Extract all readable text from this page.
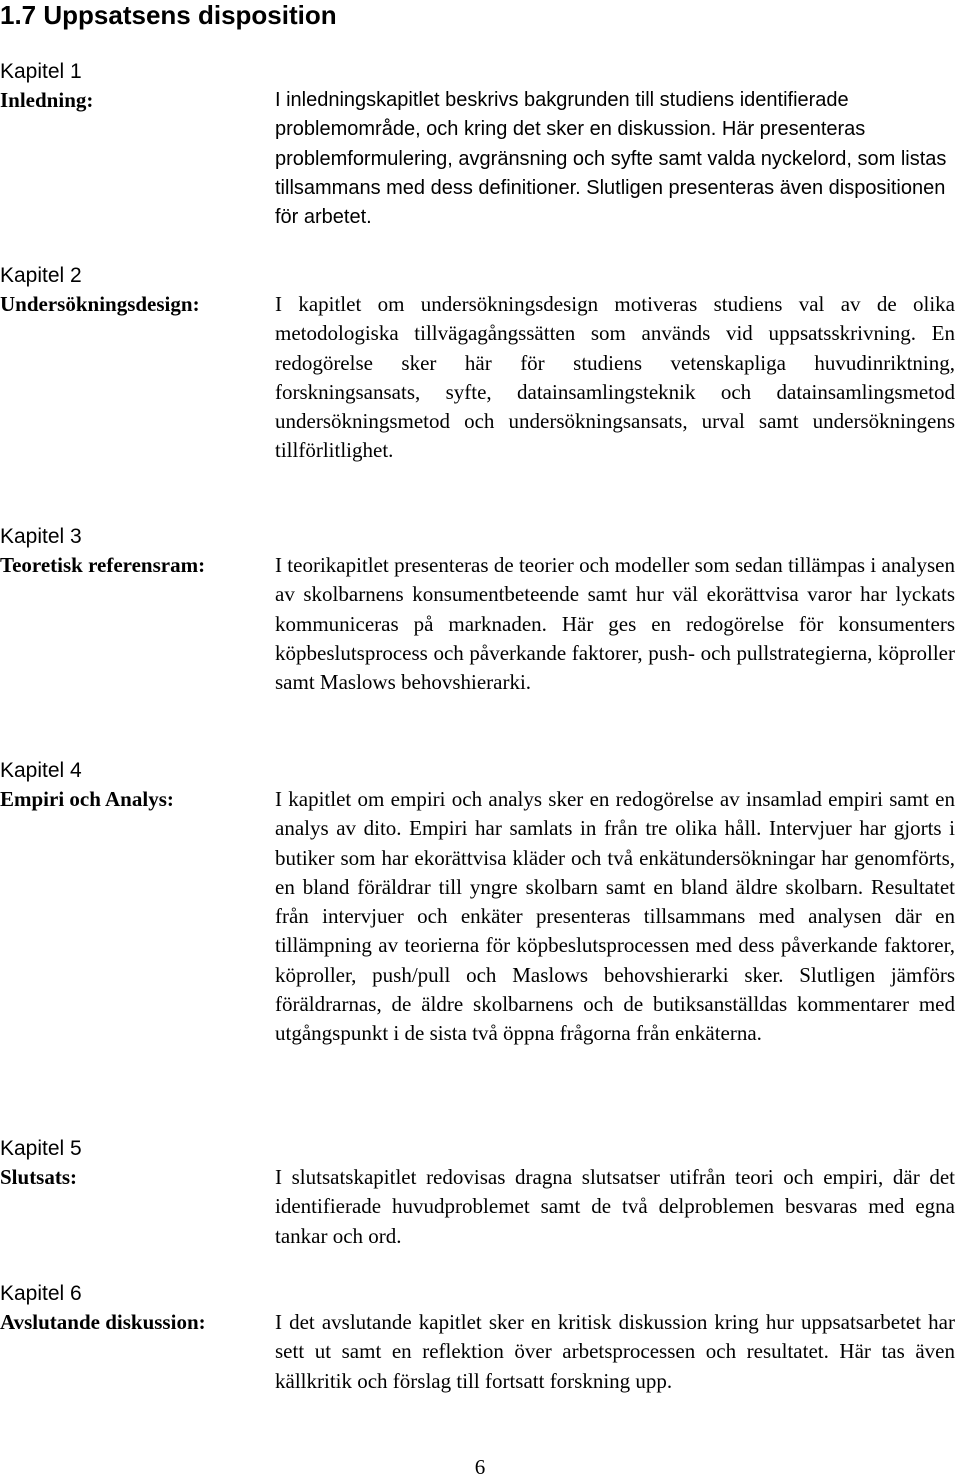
1.7 Uppsatsens disposition
Kapitel 1
Inledning:	I inledningskapitlet beskrivs bakgrunden till studiens identifierade problemområde, och kring det sker en diskussion. Här presenteras problemformulering, avgränsning och syfte samt valda nyckelord, som listas tillsammans med dess definitioner. Slutligen presenteras även dispositionen för arbetet.

Kapitel 2
Undersökningsdesign:	I kapitlet om undersökningsdesign motiveras studiens val av de olika metodologiska tillvägagångssätten som används vid uppsatsskrivning. En redogörelse sker här för studiens vetenskapliga huvudinriktning, forskningsansats, syfte, datainsamlingsteknik och datainsamlingsmetod undersökningsmetod och undersökningsansats, urval samt undersökningens tillförlitlighet.

Kapitel 3
Teoretisk referensram:	I teorikapitlet presenteras de teorier och modeller som sedan tillämpas i analysen av skolbarnens konsumentbeteende samt hur väl ekorättvisa varor har lyckats kommuniceras på marknaden. Här ges en redogörelse för konsumenters köpbeslutsprocess och påverkande faktorer, push- och pullstrategierna, köproller samt Maslows behovshierarki.

Kapitel 4
Empiri och Analys:	I kapitlet om empiri och analys sker en redogörelse av insamlad empiri samt en analys av dito. Empiri har samlats in från tre olika håll. Intervjuer har gjorts i butiker som har ekorättvisa kläder och två enkätundersökningar har genomförts, en bland föräldrar till yngre skolbarn samt en bland äldre skolbarn. Resultatet från intervjuer och enkäter presenteras tillsammans med analysen där en tillämpning av teorierna för köpbeslutsprocessen med dess påverkande faktorer, köproller, push/pull och Maslows behovshierarki sker. Slutligen jämförs föräldrarnas, de äldre skolbarnens och de butiksanställdas kommentarer med utgångspunkt i de sista två öppna frågorna från enkäterna.

Kapitel 5
Slutsats:	I slutsatskapitlet redovisas dragna slutsatser utifrån teori och empiri, där det identifierade huvudproblemet samt de två delproblemen besvaras med egna tankar och ord.

Kapitel 6
Avslutande diskussion:	I det avslutande kapitlet sker en kritisk diskussion kring hur uppsatsarbetet har sett ut samt en reflektion över arbetsprocessen och resultatet. Här tas även källkritik och förslag till fortsatt forskning upp.

6
